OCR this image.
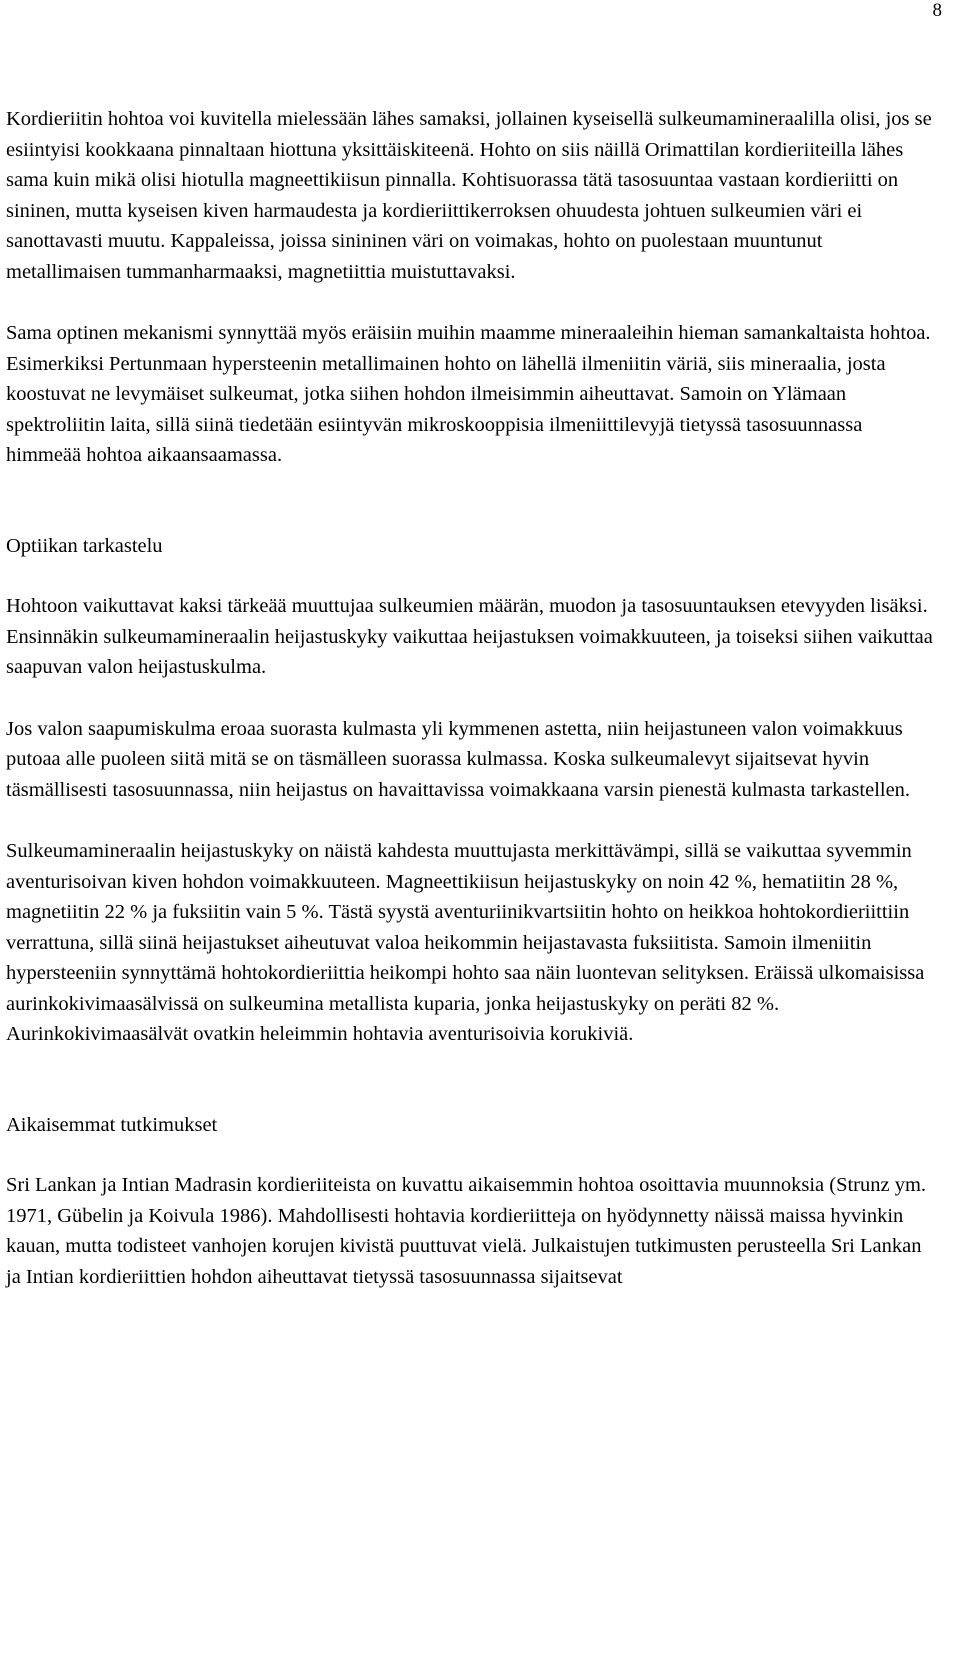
8

Kordieriitin hohtoa voi kuvitella mielessään lähes samaksi, jollainen kyseisellä sulkeumamineraalilla olisi, jos se esiintyisi kookkaana pinnaltaan hiottuna yksittäiskiteenä. Hohto on siis näillä Orimattilan kordieriiteilla lähes sama kuin mikä olisi hiotulla magneettikiisun pinnalla. Kohtisuorassa tätä tasosuuntaa vastaan kordieriitti on sininen, mutta kyseisen kiven harmaudesta ja kordieriittikerroksen ohuudesta johtuen sulkeumien väri ei sanottavasti muutu. Kappaleissa, joissa sinininen väri on voimakas, hohto on puolestaan muuntunut metallimaisen tummanharmaaksi, magnetiittia muistuttavaksi.

Sama optinen mekanismi synnyttää myös eräisiin muihin maamme mineraaleihin hieman samankaltaista hohtoa. Esimerkiksi Pertunmaan hypersteenin metallimainen hohto on lähellä ilmeniitin väriä, siis mineraalia, josta koostuvat ne levymäiset sulkeumat, jotka siihen hohdon ilmeisimmin aiheuttavat. Samoin on Ylämaan spektroliitin laita, sillä siinä tiedetään esiintyvän mikroskooppisia ilmeniittilevyjä tietyssä tasosuunnassa himmeää hohtoa aikaansaamassa.

Optiikan tarkastelu

Hohtoon vaikuttavat kaksi tärkeää muuttujaa sulkeumien määrän, muodon ja tasosuuntauksen etevyyden lisäksi. Ensinnäkin sulkeumamineraalin heijastuskyky vaikuttaa heijastuksen voimakkuuteen, ja toiseksi siihen vaikuttaa saapuvan valon heijastuskulma.

Jos valon saapumiskulma eroaa suorasta kulmasta yli kymmenen astetta, niin heijastuneen valon voimakkuus putoaa alle puoleen siitä mitä se on täsmälleen suorassa kulmassa. Koska sulkeumalevyt sijaitsevat hyvin täsmällisesti tasosuunnassa, niin heijastus on havaittavissa voimakkaana varsin pienestä kulmasta tarkastellen.

Sulkeumamineraalin heijastuskyky on näistä kahdesta muuttujasta merkittävämpi, sillä se vaikuttaa syvemmin aventurisoivan kiven hohdon voimakkuuteen. Magneettikiisun heijastuskyky on noin 42 %, hematiitin 28 %, magnetiitin 22 % ja fuksiitin vain 5 %. Tästä syystä aventuriinikvartsiitin hohto on heikkoa hohtokordieriittiin verrattuna, sillä siinä heijastukset aiheutuvat valoa heikommin heijastavasta fuksiitista. Samoin ilmeniitin hypersteeniin synnyttämä hohtokordieriittia heikompi hohto saa näin luontevan selityksen. Eräissä ulkomaisissa aurinkokivimaasälvissä on sulkeumina metallista kuparia, jonka heijastuskyky on peräti 82 %. Aurinkokivimaasälvät ovatkin heleimmin hohtavia aventurisoivia korukiviä.

Aikaisemmat tutkimukset

Sri Lankan ja Intian Madrasin kordieriiteista on kuvattu aikaisemmin hohtoa osoittavia muunnoksia (Strunz ym. 1971, Gübelin ja Koivula 1986). Mahdollisesti hohtavia kordieriitteja on hyödynnetty näissä maissa hyvinkin kauan, mutta todisteet vanhojen korujen kivistä puuttuvat vielä. Julkaistujen tutkimusten perusteella Sri Lankan ja Intian kordieriittien hohdon aiheuttavat tietyssä tasosuunnassa sijaitsevat
